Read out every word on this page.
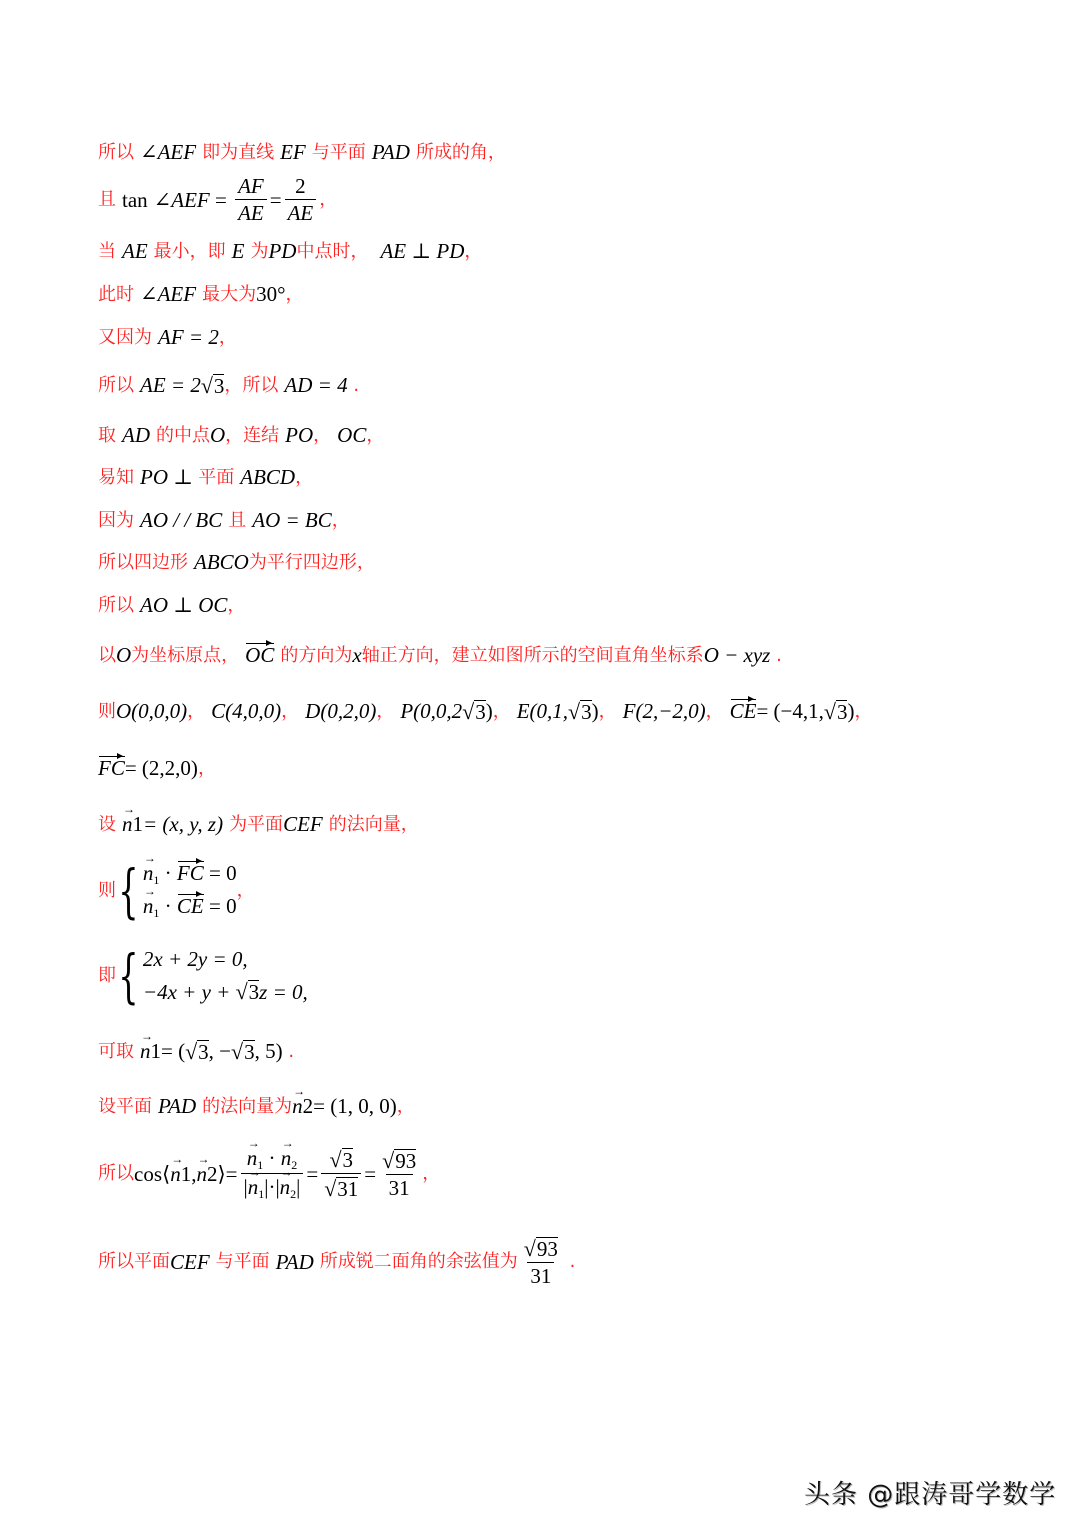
所以 ∠ AEF 即为直线 EF 与平面 PAD 所成的角，
且 tan ∠ AEF = $\frac{AF}{AE} = \frac{2}{AE}$ ，
当 AE 最小，即 E 为 PD 中点时， AE ⊥ PD ，
此时 ∠ AEF 最大为 30° ，
又因为 AF = 2 ，
所以 AE = 2 √ 3 ， 所以 AD = 4
.
取 AD 的中点 O ，连结 PO ， OC ，
易知 PO ⊥ 平面 ABCD ，
因为 AO / / BC 且 AO = BC ，
所以四边形 ABCO 为平行四边形，
所以 AO ⊥ OC ，
以 O 为坐标原点， OC 的方向为 x 轴正方向，建立如图所示的空间直角坐标系 O − xyz
.
则 O(0,0,0) ， C(4,0,0) ， D(0,2,0) ， P(0,0,2 √ 3 ) ， E(0,1, √ 3 ) ， F(2,−2,0) ， CE = (−4,1, √ 3 ) ，
FC = (2,2,0) ，
设 → n 1 = (x, y, z) 为平面 CEF 的法向量，
则 { → $n_1$ · FC = 0
→ $n_1$ · CE = 0
，
即 { 2x + 2y = 0,
−4x + y + √ 3 z = 0,
可取 → n 1 = ( √ 3 , − √ 3 , 5)
.
设平面 PAD 的法向量为 → n 2 = (1, 0, 0) ，
所以 cos ⟨ → n 1 , → n 2 ⟩ = → $\frac{n_1 \cdot \to n_2}{|\to n_1|\cdot|\to n_2|} = \frac{√ 3}{√ 31} = \frac{√ 93}{31}$ ，
所以平面 CEF 与平面 PAD 所成锐二面角的余弦值为 $\frac{√ 93}{31}$
.
头条 @跟涛哥学数学
